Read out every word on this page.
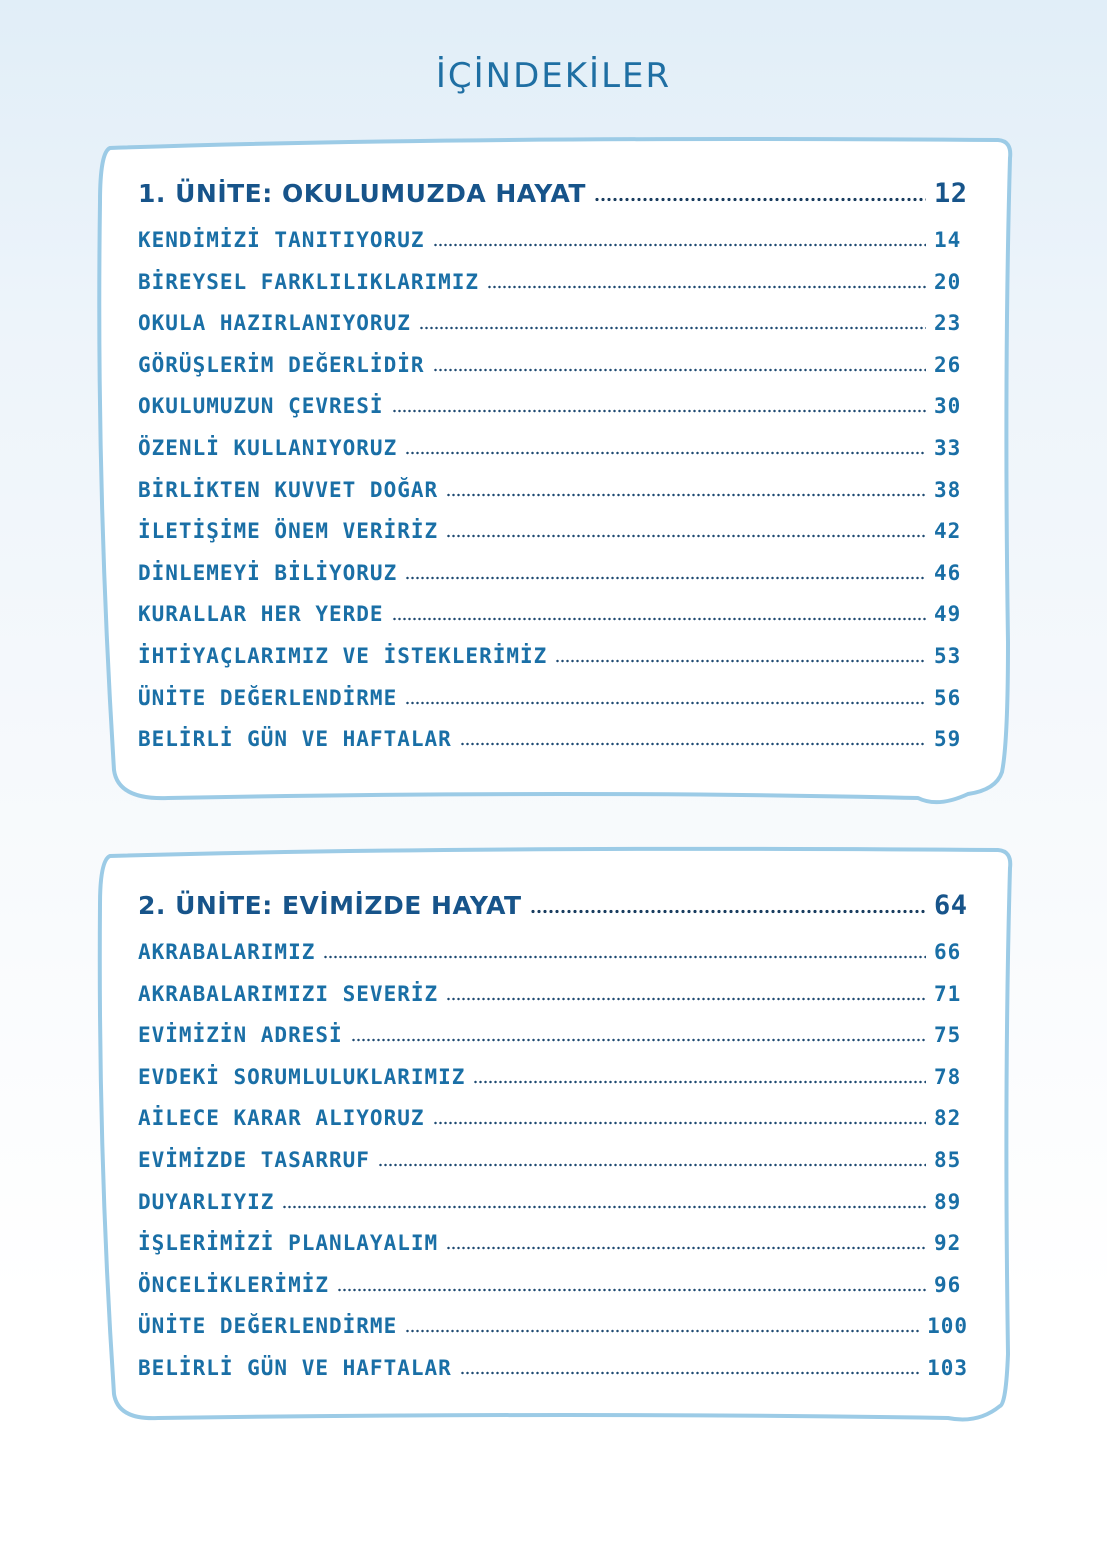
İÇİNDEKİLER
1. ÜNİTE: OKULUMUZDA HAYAT	12
KENDİMİZİ TANITIYORUZ	14
BİREYSEL FARKLILIKLARIMIZ	20
OKULA HAZIRLANIYORUZ	23
GÖRÜŞLERİM DEĞERLİDİR	26
OKULUMUZUN ÇEVRESİ	30
ÖZENLİ KULLANIYORUZ	33
BİRLİKTEN KUVVET DOĞAR	38
İLETİŞİME ÖNEM VERİRİZ	42
DİNLEMEYİ BİLİYORUZ	46
KURALLAR HER YERDE	49
İHTİYAÇLARIMIZ VE İSTEKLERİMİZ	53
ÜNİTE DEĞERLENDİRME	56
BELİRLİ GÜN VE HAFTALAR	59
2. ÜNİTE: EVİMİZDE HAYAT	64
AKRABALARIMIZ	66
AKRABALARIMIZI SEVERİZ	71
EVİMİZİN ADRESİ	75
EVDEKİ SORUMLULUKLARIMIZ	78
AİLECE KARAR ALIYORUZ	82
EVİMİZDE TASARRUF	85
DUYARLIYIZ	89
İŞLERİMİZİ PLANLAYALIM	92
ÖNCELİKLERİMİZ	96
ÜNİTE DEĞERLENDİRME	100
BELİRLİ GÜN VE HAFTALAR	103
